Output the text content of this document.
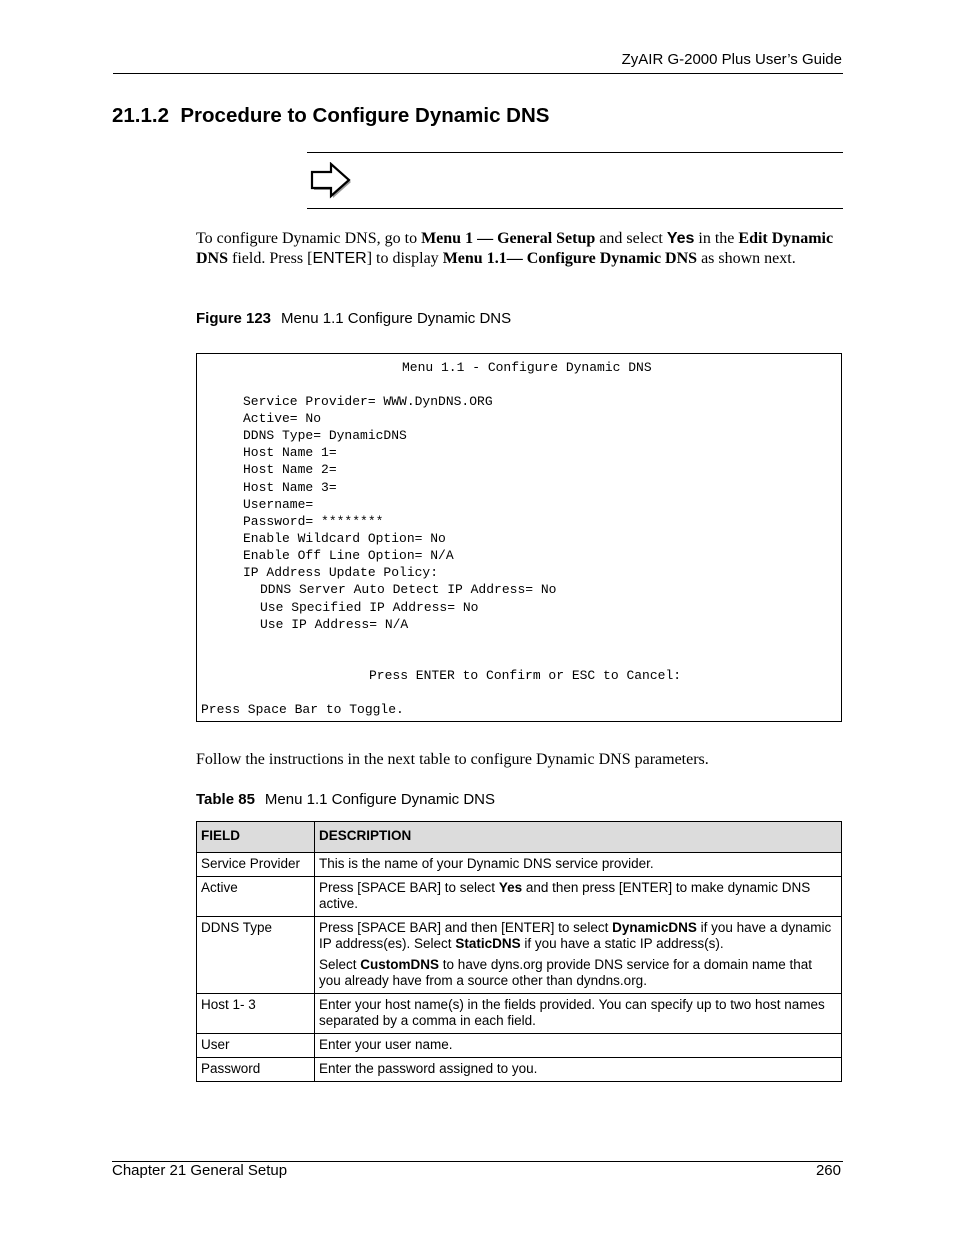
ZyAIR G-2000 Plus User’s Guide
21.1.2  Procedure to Configure Dynamic DNS
To configure Dynamic DNS, go to Menu 1 — General Setup and select Yes in the Edit Dynamic DNS field. Press [ENTER] to display Menu 1.1— Configure Dynamic DNS as shown next.
Figure 123 Menu 1.1 Configure Dynamic DNS
Menu 1.1 - Configure Dynamic DNS
Service Provider= WWW.DynDNS.ORG
Active= No
DDNS Type= DynamicDNS
Host Name 1=
Host Name 2=
Host Name 3=
Username=
Password= ********
Enable Wildcard Option= No
Enable Off Line Option= N/A
IP Address Update Policy:
DDNS Server Auto Detect IP Address= No
Use Specified IP Address= No
Use IP Address= N/A
Press ENTER to Confirm or ESC to Cancel:
Press Space Bar to Toggle.
Follow the instructions in the next table to configure Dynamic DNS parameters.
Table 85 Menu 1.1 Configure Dynamic DNS
FIELD	DESCRIPTION
Service Provider	This is the name of your Dynamic DNS service provider.
Active	Press [SPACE BAR] to select Yes and then press [ENTER] to make dynamic DNS active.
DDNS Type	Press [SPACE BAR] and then [ENTER] to select DynamicDNS if you have a dynamic IP address(es). Select StaticDNS if you have a static IP address(s).

Select CustomDNS to have dyns.org provide DNS service for a domain name that you already have from a source other than dyndns.org.

Host 1- 3	Enter your host name(s) in the fields provided. You can specify up to two host names separated by a comma in each field.
User	Enter your user name.
Password	Enter the password assigned to you.
Chapter 21 General Setup	260
